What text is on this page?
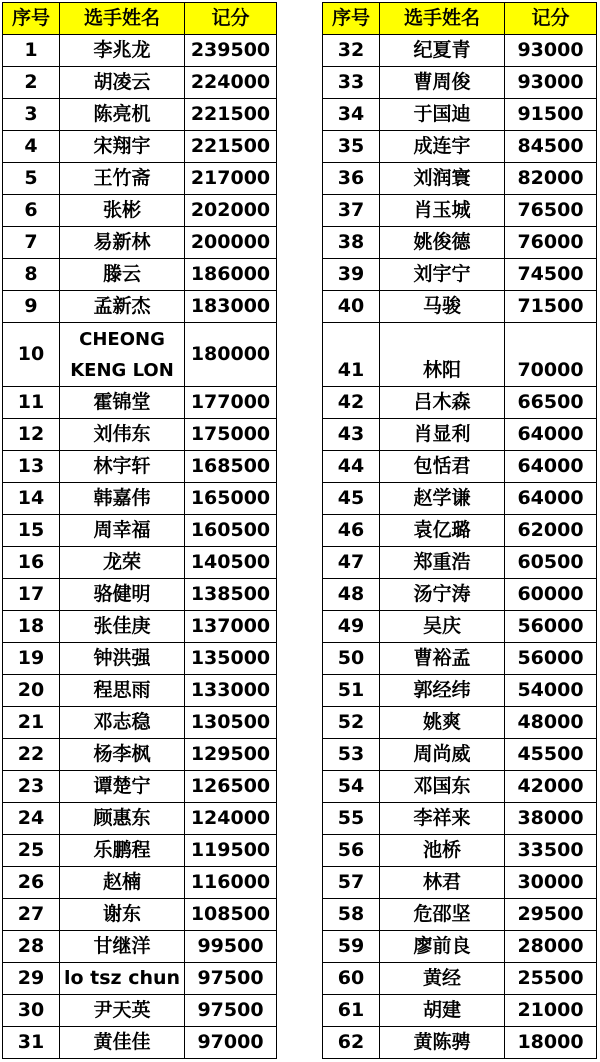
序号	选手姓名	记分
1	李兆龙	239500
2	胡凌云	224000
3	陈亮机	221500
4	宋翔宇	221500
5	王竹斋	217000
6	张彬	202000
7	易新林	200000
8	滕云	186000
9	孟新杰	183000
10	CHEONG KENG LON	180000
11	霍锦堂	177000
12	刘伟东	175000
13	林宇轩	168500
14	韩嘉伟	165000
15	周幸福	160500
16	龙荣	140500
17	骆健明	138500
18	张佳庚	137000
19	钟洪强	135000
20	程思雨	133000
21	邓志稳	130500
22	杨李枫	129500
23	谭楚宁	126500
24	顾惠东	124000
25	乐鹏程	119500
26	赵楠	116000
27	谢东	108500
28	甘继洋	99500
29	lo tsz chun	97500
30	尹天英	97500
31	黄佳佳	97000
序号	选手姓名	记分
32	纪夏青	93000
33	曹周俊	93000
34	于国迪	91500
35	成连宇	84500
36	刘润寰	82000
37	肖玉城	76500
38	姚俊德	76000
39	刘宇宁	74500
40	马骏	71500
41	林阳	70000
42	吕木森	66500
43	肖显利	64000
44	包恬君	64000
45	赵学谦	64000
46	袁亿璐	62000
47	郑重浩	60500
48	汤宁涛	60000
49	吴庆	56000
50	曹裕孟	56000
51	郭经纬	54000
52	姚爽	48000
53	周尚威	45500
54	邓国东	42000
55	李祥来	38000
56	池桥	33500
57	林君	30000
58	危邵坚	29500
59	廖前良	28000
60	黄经	25500
61	胡建	21000
62	黄陈骋	18000
